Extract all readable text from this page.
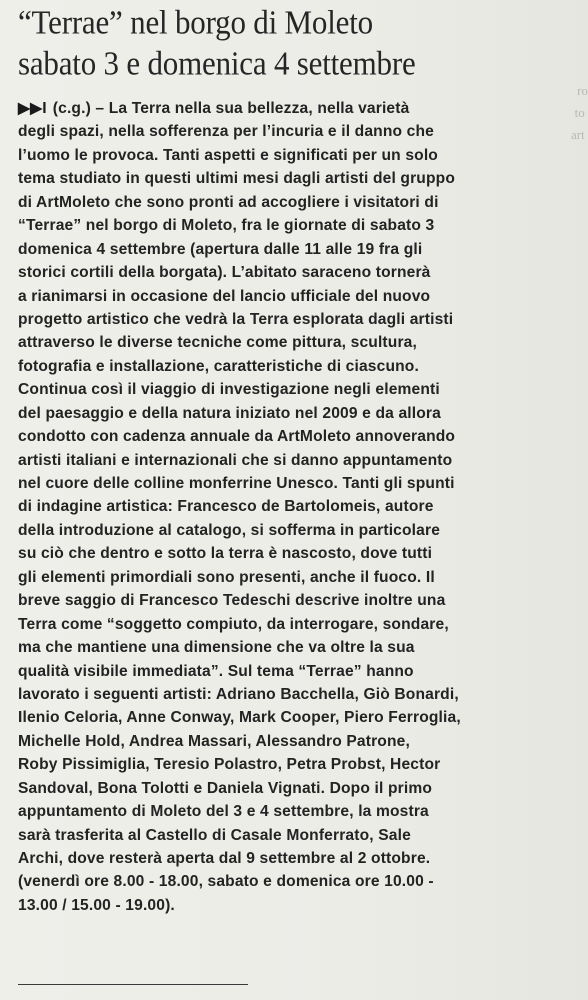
ro
to
art

“Terrae” nel borgo di Moleto
sabato 3 e domenica 4 settembre
▶▶I (c.g.) – La Terra nella sua bellezza, nella varietà
degli spazi, nella sofferenza per l’incuria e il danno che
l’uomo le provoca. Tanti aspetti e significati per un solo
tema studiato in questi ultimi mesi dagli artisti del gruppo
di ArtMoleto che sono pronti ad accogliere i visitatori di
“Terrae” nel borgo di Moleto, fra le giornate di sabato 3
domenica 4 settembre (apertura dalle 11 alle 19 fra gli
storici cortili della borgata). L’abitato saraceno tornerà
a rianimarsi in occasione del lancio ufficiale del nuovo
progetto artistico che vedrà la Terra esplorata dagli artisti
attraverso le diverse tecniche come pittura, scultura,
fotografia e installazione, caratteristiche di ciascuno.
Continua così il viaggio di investigazione negli elementi
del paesaggio e della natura iniziato nel 2009 e da allora
condotto con cadenza annuale da ArtMoleto annoverando
artisti italiani e internazionali che si danno appuntamento
nel cuore delle colline monferrine Unesco. Tanti gli spunti
di indagine artistica: Francesco de Bartolomeis, autore
della introduzione al catalogo, si sofferma in particolare
su ciò che dentro e sotto la terra è nascosto, dove tutti
gli elementi primordiali sono presenti, anche il fuoco. Il
breve saggio di Francesco Tedeschi descrive inoltre una
Terra come “soggetto compiuto, da interrogare, sondare,
ma che mantiene una dimensione che va oltre la sua
qualità visibile immediata”. Sul tema “Terrae” hanno
lavorato i seguenti artisti: Adriano Bacchella, Giò Bonardi,
Ilenio Celoria, Anne Conway, Mark Cooper, Piero Ferroglia,
Michelle Hold, Andrea Massari, Alessandro Patrone,
Roby Pissimiglia, Teresio Polastro, Petra Probst, Hector
Sandoval, Bona Tolotti e Daniela Vignati. Dopo il primo
appuntamento di Moleto del 3 e 4 settembre, la mostra
sarà trasferita al Castello di Casale Monferrato, Sale
Archi, dove resterà aperta dal 9 settembre al 2 ottobre.
(venerdì ore 8.00 - 18.00, sabato e domenica ore 10.00 -
13.00 / 15.00 - 19.00).
